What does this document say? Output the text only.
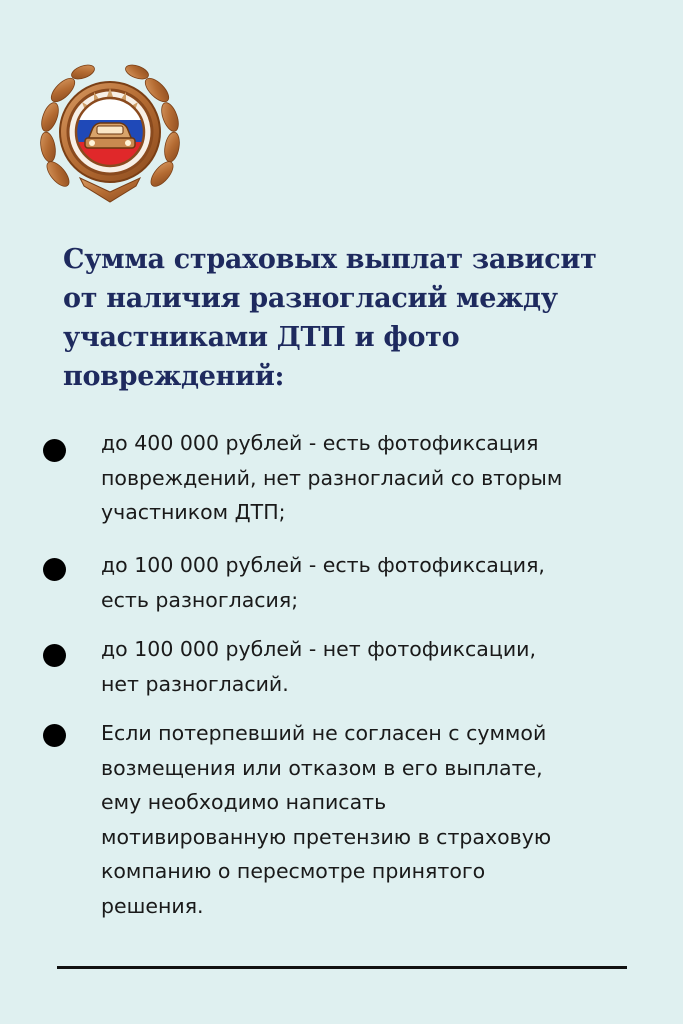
Сумма страховых выплат зависит
от наличия разногласий между
участниками ДТП и фото
повреждений:
до 400 000 рублей - есть фотофиксация
повреждений, нет разногласий со вторым
участником ДТП;
до 100 000 рублей - есть фотофиксация,
есть разногласия;
до 100 000 рублей - нет фотофиксации,
нет разногласий.
Если потерпевший не согласен с суммой
возмещения или отказом в его выплате,
ему необходимо написать
мотивированную претензию в страховую
компанию о пересмотре принятого
решения.
